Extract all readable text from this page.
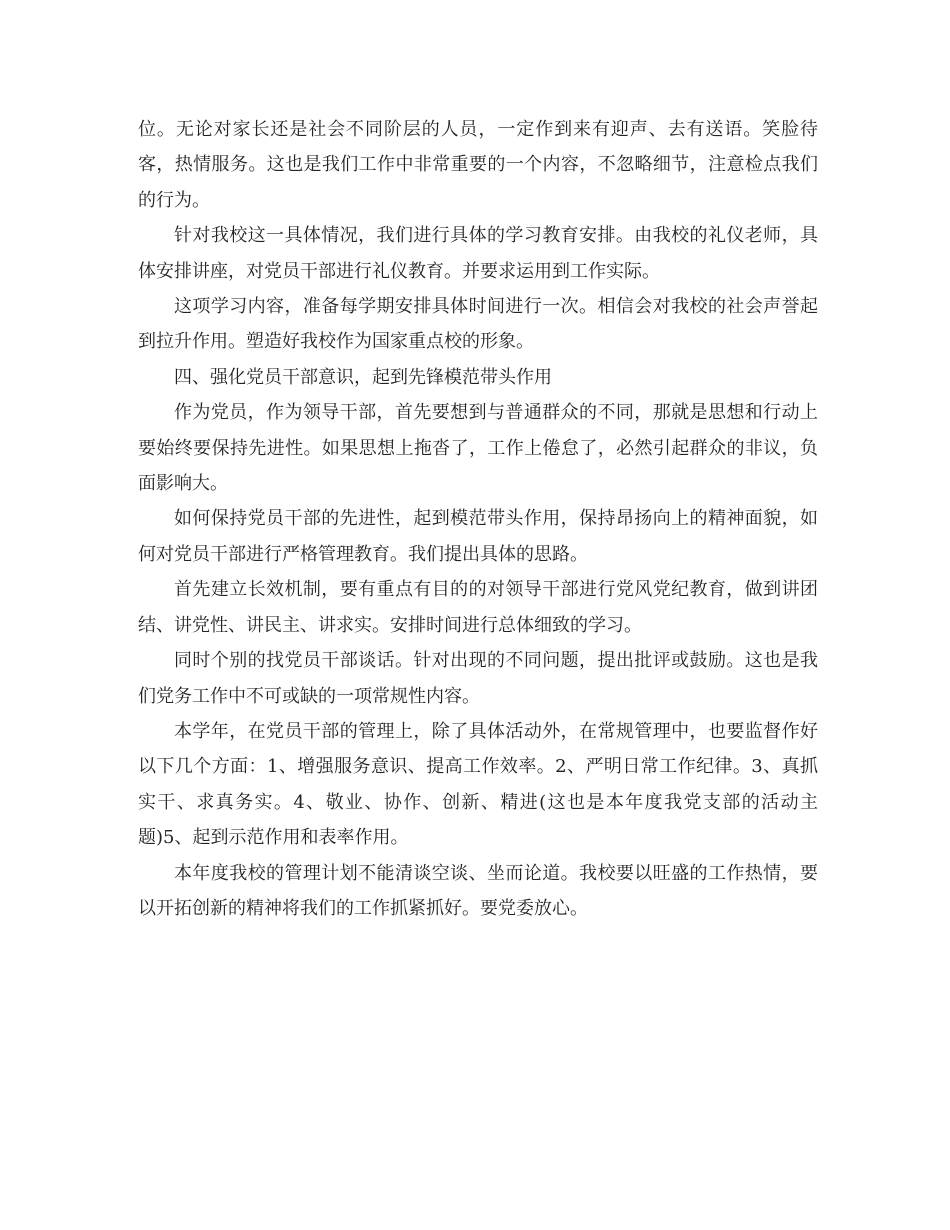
位。无论对家长还是社会不同阶层的人员，一定作到来有迎声、去有送语。笑脸待客，热情服务。这也是我们工作中非常重要的一个内容，不忽略细节，注意检点我们的行为。

针对我校这一具体情况，我们进行具体的学习教育安排。由我校的礼仪老师，具体安排讲座，对党员干部进行礼仪教育。并要求运用到工作实际。

这项学习内容，准备每学期安排具体时间进行一次。相信会对我校的社会声誉起到拉升作用。塑造好我校作为国家重点校的形象。

四、强化党员干部意识，起到先锋模范带头作用

作为党员，作为领导干部，首先要想到与普通群众的不同，那就是思想和行动上要始终要保持先进性。如果思想上拖沓了，工作上倦怠了，必然引起群众的非议，负面影响大。

如何保持党员干部的先进性，起到模范带头作用，保持昂扬向上的精神面貌，如何对党员干部进行严格管理教育。我们提出具体的思路。

首先建立长效机制，要有重点有目的的对领导干部进行党风党纪教育，做到讲团结、讲党性、讲民主、讲求实。安排时间进行总体细致的学习。

同时个别的找党员干部谈话。针对出现的不同问题，提出批评或鼓励。这也是我们党务工作中不可或缺的一项常规性内容。

本学年，在党员干部的管理上，除了具体活动外，在常规管理中，也要监督作好以下几个方面：1、增强服务意识、提高工作效率。2、严明日常工作纪律。3、真抓实干、求真务实。4、敬业、协作、创新、精进(这也是本年度我党支部的活动主题)5、起到示范作用和表率作用。

本年度我校的管理计划不能清谈空谈、坐而论道。我校要以旺盛的工作热情，要以开拓创新的精神将我们的工作抓紧抓好。要党委放心。
